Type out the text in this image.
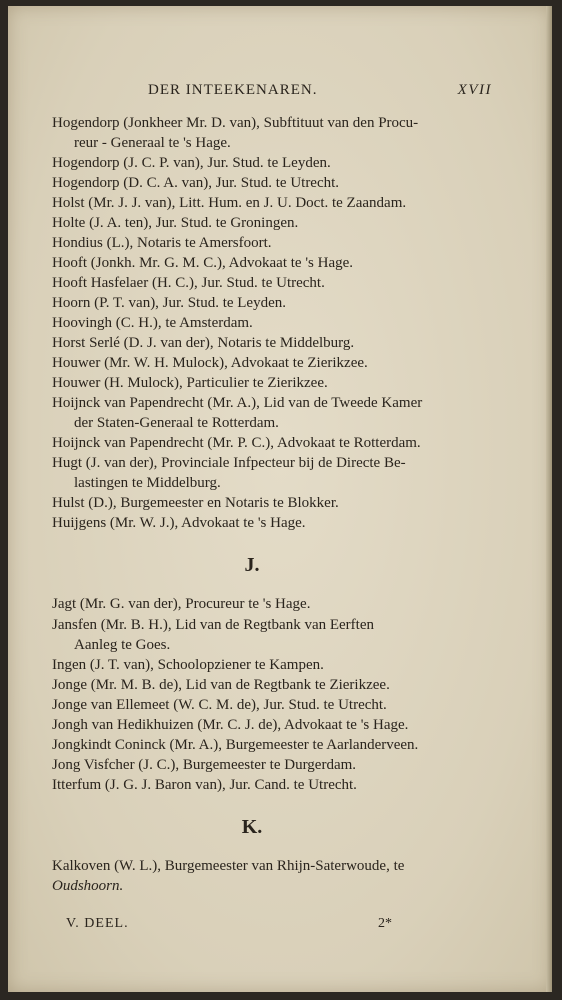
DER INTEEKENAREN.	XVII
Hogendorp (Jonkheer Mr. D. van), Subftituut van den Procu-
reur - Generaal te 's Hage.
Hogendorp (J. C. P. van), Jur. Stud. te Leyden.
Hogendorp (D. C. A. van), Jur. Stud. te Utrecht.
Holst (Mr. J. J. van), Litt. Hum. en J. U. Doct. te Zaandam.
Holte (J. A. ten), Jur. Stud. te Groningen.
Hondius (L.), Notaris te Amersfoort.
Hooft (Jonkh. Mr. G. M. C.), Advokaat te 's Hage.
Hooft Hasfelaer (H. C.), Jur. Stud. te Utrecht.
Hoorn (P. T. van), Jur. Stud. te Leyden.
Hoovingh (C. H.), te Amsterdam.
Horst Serlé (D. J. van der), Notaris te Middelburg.
Houwer (Mr. W. H. Mulock), Advokaat te Zierikzee.
Houwer (H. Mulock), Particulier te Zierikzee.
Hoijnck van Papendrecht (Mr. A.), Lid van de Tweede Kamer
der Staten-Generaal te Rotterdam.
Hoijnck van Papendrecht (Mr. P. C.), Advokaat te Rotterdam.
Hugt (J. van der), Provinciale Infpecteur bij de Directe Be-
lastingen te Middelburg.
Hulst (D.), Burgemeester en Notaris te Blokker.
Huijgens (Mr. W. J.), Advokaat te 's Hage.
J.
Jagt (Mr. G. van der), Procureur te 's Hage.
Jansfen (Mr. B. H.), Lid van de Regtbank van Eerften
Aanleg te Goes.
Ingen (J. T. van), Schoolopziener te Kampen.
Jonge (Mr. M. B. de), Lid van de Regtbank te Zierikzee.
Jonge van Ellemeet (W. C. M. de), Jur. Stud. te Utrecht.
Jongh van Hedikhuizen (Mr. C. J. de), Advokaat te 's Hage.
Jongkindt Coninck (Mr. A.), Burgemeester te Aarlanderveen.
Jong Visfcher (J. C.), Burgemeester te Durgerdam.
Itterfum (J. G. J. Baron van), Jur. Cand. te Utrecht.
K.
Kalkoven (W. L.), Burgemeester van Rhijn-Saterwoude, te
Oudshoorn.
V. DEEL.	2*
